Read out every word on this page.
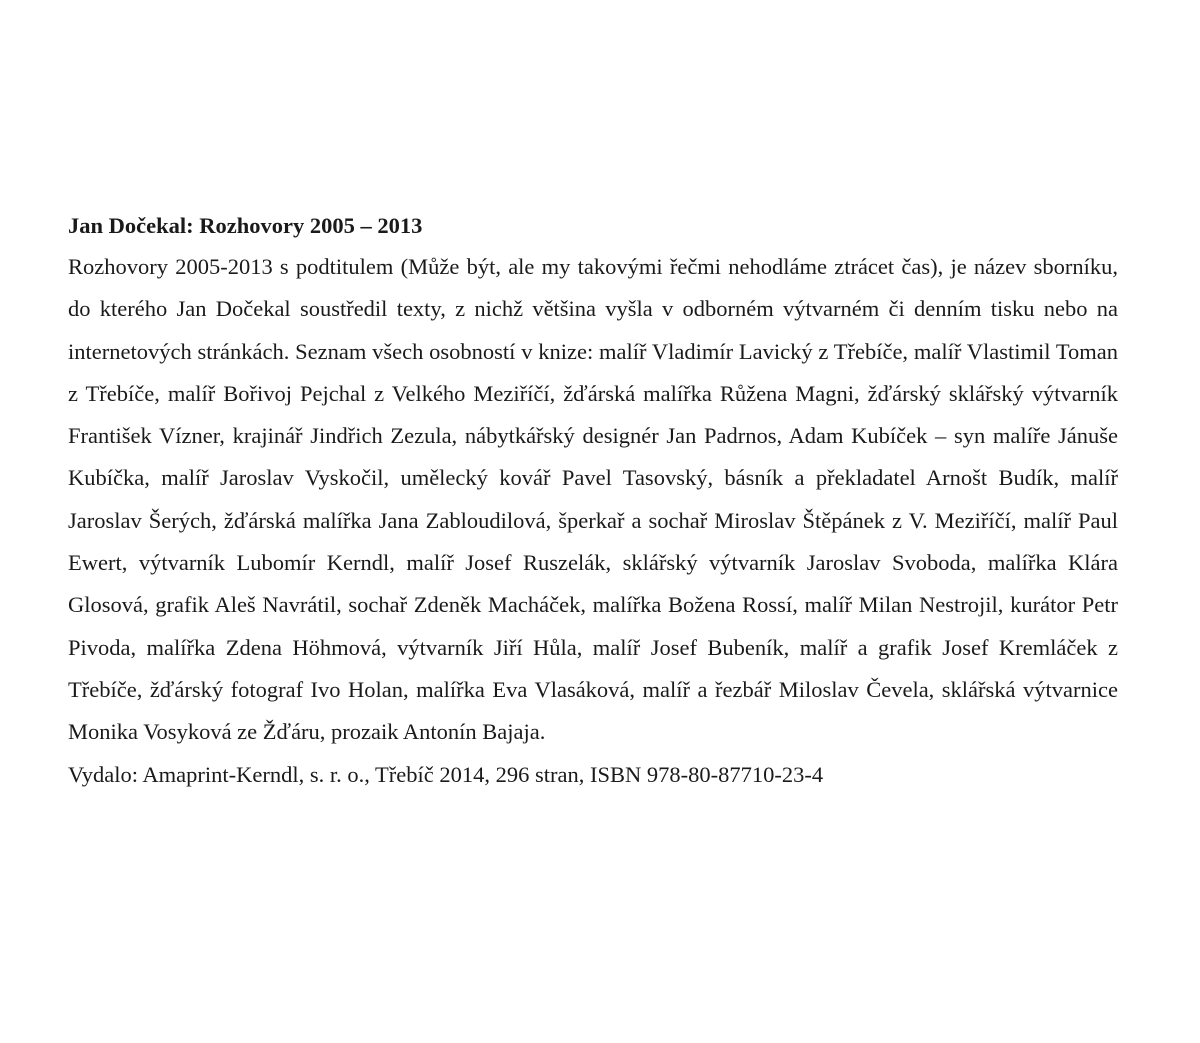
Jan Dočekal: Rozhovory 2005 – 2013

Rozhovory 2005-2013 s podtitulem (Může být, ale my takovými řečmi nehodláme ztrácet čas), je název sborníku, do kterého Jan Dočekal soustředil texty, z nichž většina vyšla v odborném výtvarném či denním tisku nebo na internetových stránkách. Seznam všech osobností v knize: malíř Vladimír Lavický z Třebíče, malíř Vlastimil Toman z Třebíče, malíř Bořivoj Pejchal z Velkého Meziříčí, žďárská malířka Růžena Magni, žďárský sklářský výtvarník František Vízner, krajinář Jindřich Zezula, nábytkářský designér Jan Padrnos, Adam Kubíček – syn malíře Jánuše Kubíčka, malíř Jaroslav Vyskočil, umělecký kovář Pavel Tasovský, básník a překladatel Arnošt Budík, malíř Jaroslav Šerých, žďárská malířka Jana Zabloudilová, šperkař a sochař Miroslav Štěpánek z V. Meziříčí, malíř Paul Ewert, výtvarník Lubomír Kerndl, malíř Josef Ruszelák, sklářský výtvarník Jaroslav Svoboda, malířka Klára Glosová, grafik Aleš Navrátil, sochař Zdeněk Macháček, malířka Božena Rossí, malíř Milan Nestrojil, kurátor Petr Pivoda, malířka Zdena Höhmová, výtvarník Jiří Hůla, malíř Josef Bubeník, malíř a grafik Josef Kremláček z Třebíče, žďárský fotograf Ivo Holan, malířka Eva Vlasáková, malíř a řezbář Miloslav Čevela, sklářská výtvarnice Monika Vosyková ze Žďáru, prozaik Antonín Bajaja.

Vydalo: Amaprint-Kerndl, s. r. o., Třebíč 2014, 296 stran, ISBN 978-80-87710-23-4
